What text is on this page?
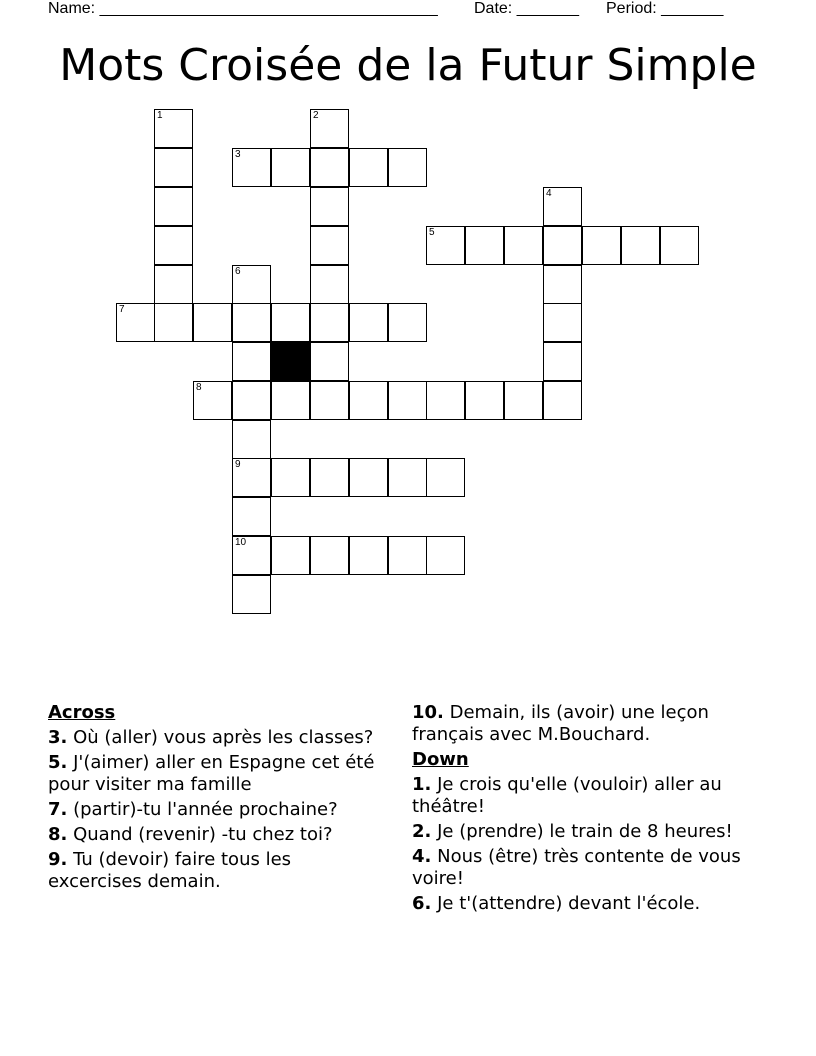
Name: ______________________________________ Date: _______ Period: _______
Mots Croisée de la Futur Simple
1	2
3
4
5
6
7
8
9
10
Across
3. Où (aller) vous après les classes?
5. J'(aimer) aller en Espagne cet été pour visiter ma famille
7. (partir)-tu l'année prochaine?
8. Quand (revenir) -tu chez toi?
9. Tu (devoir) faire tous les excercises demain.
10. Demain, ils (avoir) une leçon français avec M.Bouchard.
Down
1. Je crois qu'elle (vouloir) aller au théâtre!
2. Je (prendre) le train de 8 heures!
4. Nous (être) très contente de vous voire!
6. Je t'(attendre) devant l'école.
